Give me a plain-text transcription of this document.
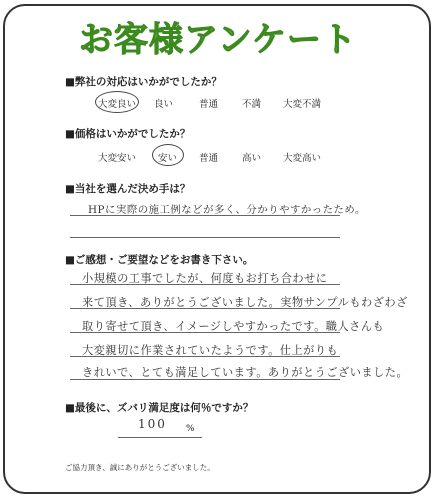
お客様アンケート
■弊社の対応はいかがでしたか？
大変良い 良い	普通	不満 大変不満
■価格はいかがでしたか？
大変安い 安い 普通	高い 大変高い
■当社を選んだ決め手は？
HPに実際の施工例などが多く、分かりやすかったため。
■ご感想・ご要望などをお書き下さい。
小規模の工事でしたが、何度もお打ち合わせに
来て頂き、ありがとうございました。実物サンプルもわざわざ
取り寄せて頂き、イメージしやすかったです。職人さんも
大変親切に作業されていたようです。仕上がりも
きれいで、とても満足しています。ありがとうございました。
■最後に、ズバリ満足度は何％ですか？
100 %
ご協力頂き、誠にありがとうございました。
